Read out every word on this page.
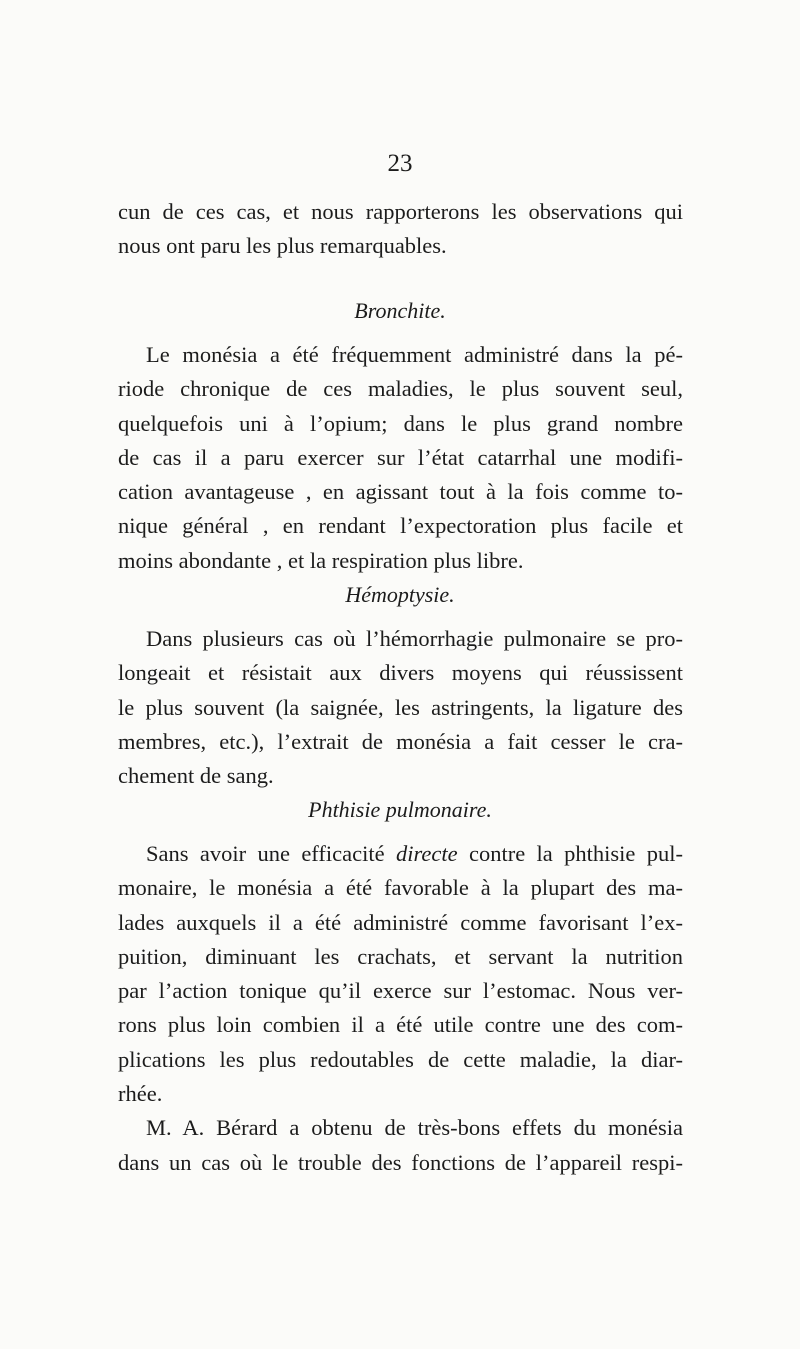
23
cun de ces cas, et nous rapporterons les observations qui
nous ont paru les plus remarquables.
Bronchite.
Le monésia a été fréquemment administré dans la pé-
riode chronique de ces maladies, le plus souvent seul,
quelquefois uni à l’opium; dans le plus grand nombre
de cas il a paru exercer sur l’état catarrhal une modifi-
cation avantageuse , en agissant tout à la fois comme to-
nique général , en rendant l’expectoration plus facile et
moins abondante , et la respiration plus libre.
Hémoptysie.
Dans plusieurs cas où l’hémorrhagie pulmonaire se pro-
longeait et résistait aux divers moyens qui réussissent
le plus souvent (la saignée, les astringents, la ligature des
membres, etc.), l’extrait de monésia a fait cesser le cra-
chement de sang.
Phthisie pulmonaire.
Sans avoir une efficacité directe contre la phthisie pul-
monaire, le monésia a été favorable à la plupart des ma-
lades auxquels il a été administré comme favorisant l’ex-
puition, diminuant les crachats, et servant la nutrition
par l’action tonique qu’il exerce sur l’estomac. Nous ver-
rons plus loin combien il a été utile contre une des com-
plications les plus redoutables de cette maladie, la diar-
rhée.
M. A. Bérard a obtenu de très-bons effets du monésia
dans un cas où le trouble des fonctions de l’appareil respi-
